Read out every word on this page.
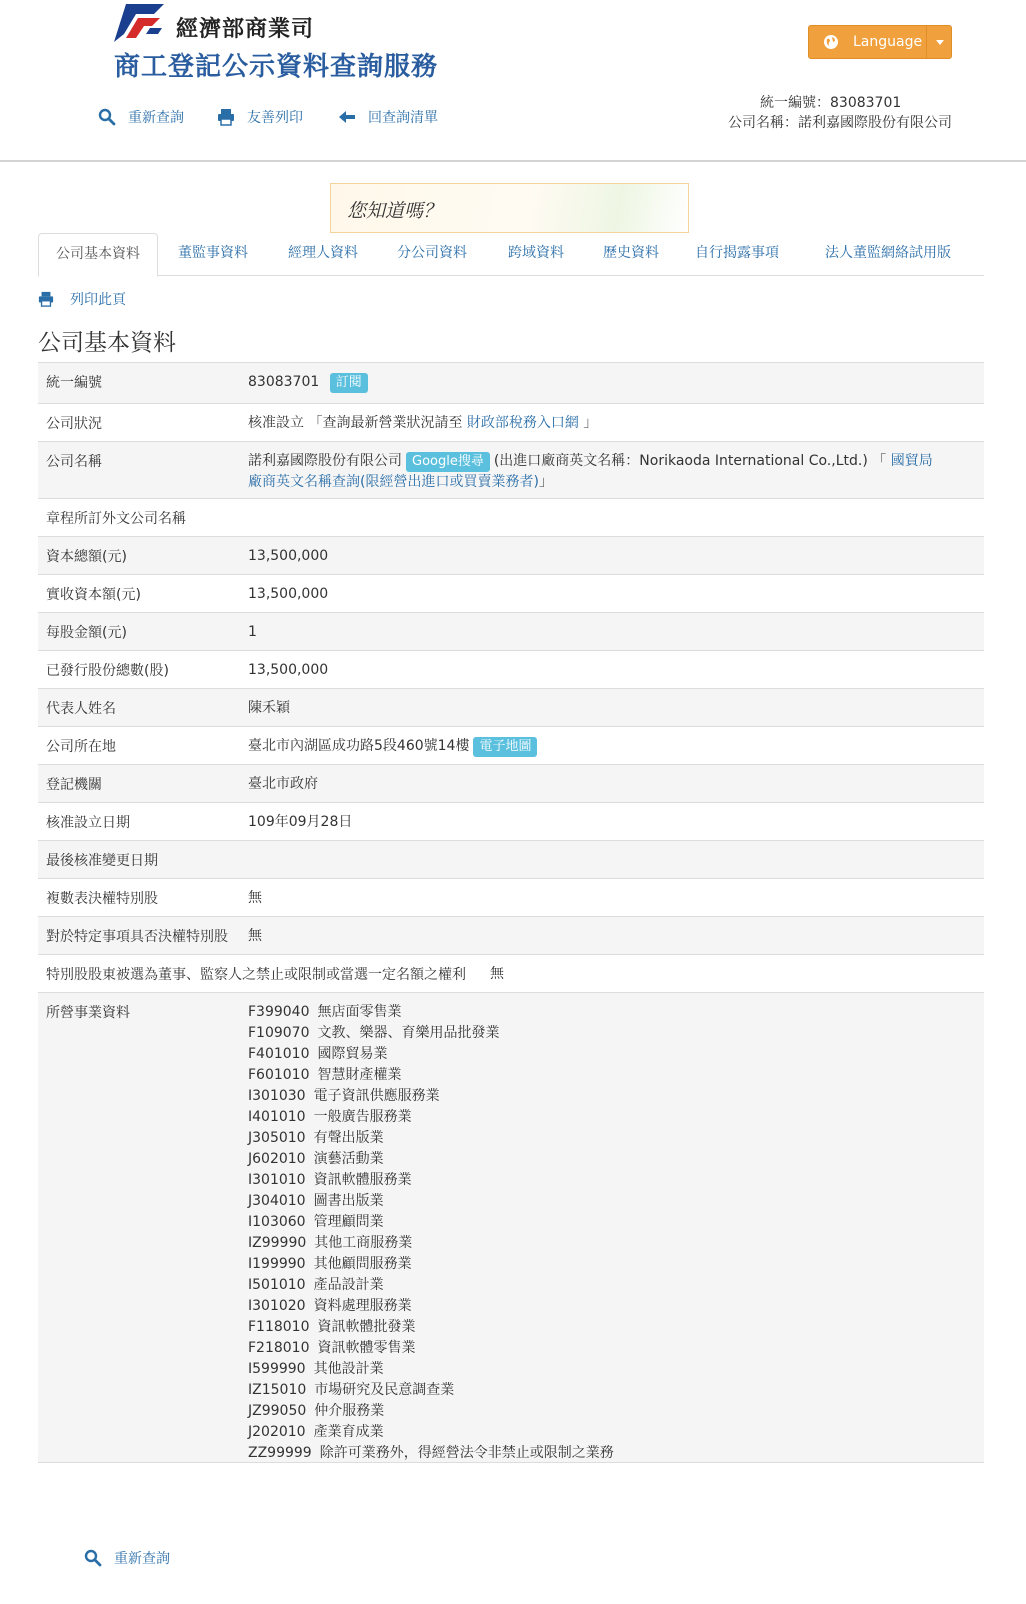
經濟部商業司
商工登記公示資料查詢服務
重新查詢	友善列印	回查詢清單
Language
統一編號：83083701
公司名稱：諾利嘉國際股份有限公司
您知道嗎？
公司基本資料	董監事資料	經理人資料	分公司資料	跨域資料	歷史資料	自行揭露事項	法人董監網絡試用版
列印此頁
公司基本資料
統一編號	83083701 訂閱
公司狀況	核准設立 「查詢最新營業狀況請至 財政部稅務入口網 」
公司名稱	諾利嘉國際股份有限公司 Google搜尋 (出進口廠商英文名稱：Norikaoda International Co.,Ltd.) 「 國貿局
廠商英文名稱查詢(限經營出進口或買賣業務者)」
章程所訂外文公司名稱
資本總額(元)	13,500,000
實收資本額(元)	13,500,000
每股金額(元)	1
已發行股份總數(股)	13,500,000
代表人姓名	陳禾穎
公司所在地	臺北市內湖區成功路5段460號14樓 電子地圖
登記機關	臺北市政府
核准設立日期	109年09月28日
最後核准變更日期
複數表決權特別股	無
對於特定事項具否決權特別股	無
特別股股東被選為董事、監察人之禁止或限制或當選一定名額之權利	無
所營事業資料	F399040 無店面零售業
F109070 文教、樂器、育樂用品批發業
F401010 國際貿易業
F601010 智慧財產權業
I301030 電子資訊供應服務業
I401010 一般廣告服務業
J305010 有聲出版業
J602010 演藝活動業
I301010 資訊軟體服務業
J304010 圖書出版業
I103060 管理顧問業
IZ99990 其他工商服務業
I199990 其他顧問服務業
I501010 產品設計業
I301020 資料處理服務業
F118010 資訊軟體批發業
F218010 資訊軟體零售業
I599990 其他設計業
IZ15010 市場研究及民意調查業
JZ99050 仲介服務業
J202010 產業育成業
ZZ99999 除許可業務外，得經營法令非禁止或限制之業務
重新查詢
